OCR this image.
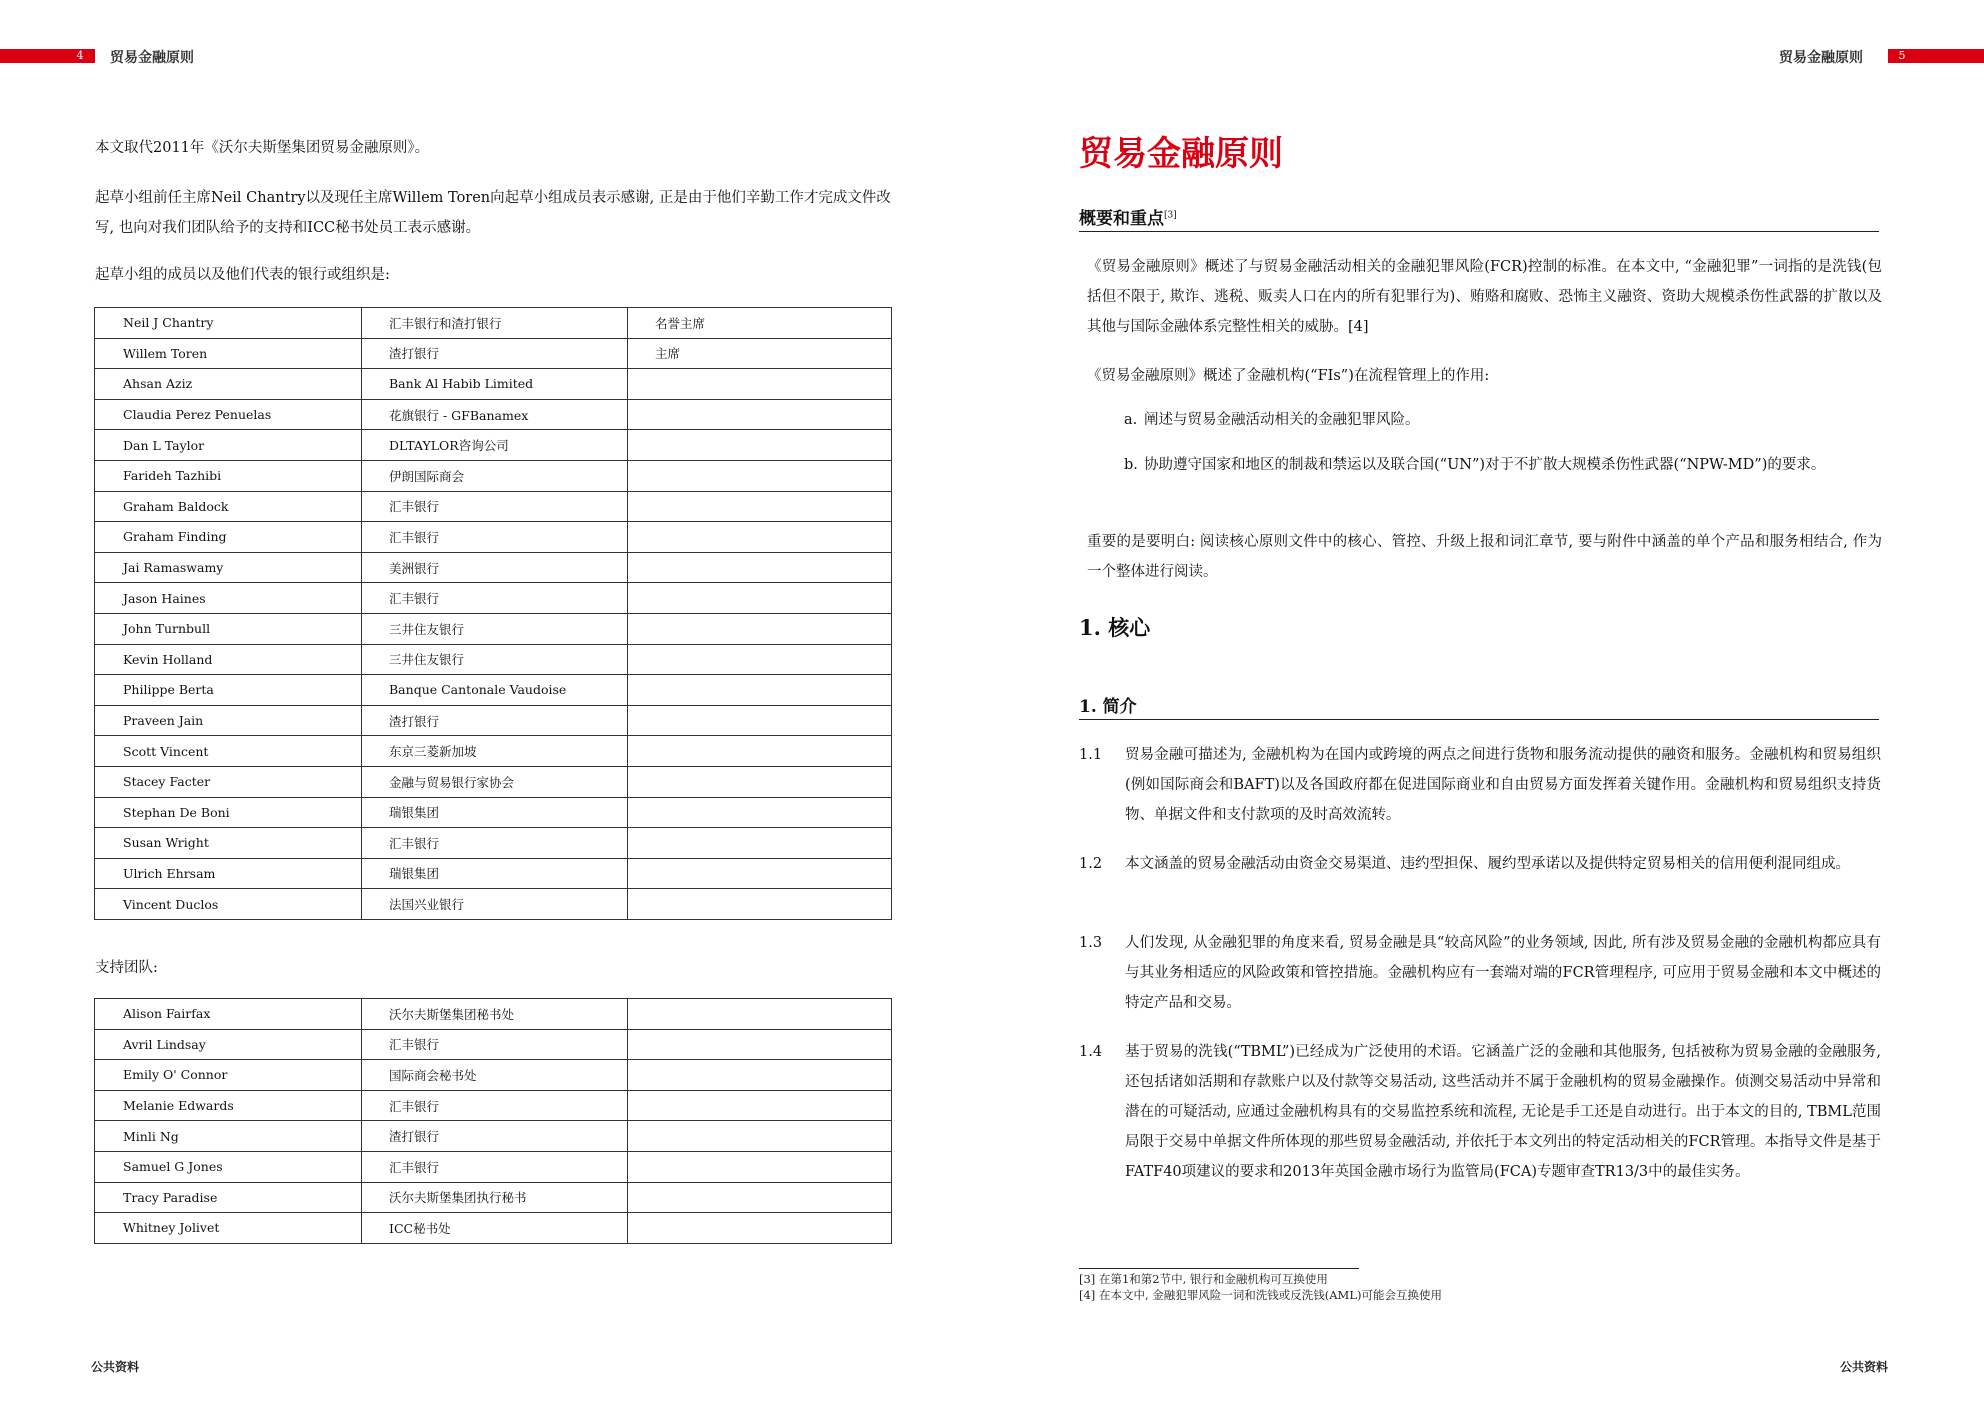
4	贸易金融原则

本文取代2011年《沃尔夫斯堡集团贸易金融原则》。

起草小组前任主席Neil Chantry以及现任主席Willem Toren向起草小组成员表示感谢, 正是由于他们辛勤工作才完成文件改写, 也向对我们团队给予的支持和ICC秘书处员工表示感谢。

起草小组的成员以及他们代表的银行或组织是:

Neil J Chantry	汇丰银行和渣打银行	名誉主席
Willem Toren	渣打银行	主席
Ahsan Aziz	Bank Al Habib Limited	
Claudia Perez Penuelas	花旗银行 - GFBanamex	
Dan L Taylor	DLTAYLOR咨询公司	
Farideh Tazhibi	伊朗国际商会	
Graham Baldock	汇丰银行	
Graham Finding	汇丰银行	
Jai Ramaswamy	美洲银行	
Jason Haines	汇丰银行	
John Turnbull	三井住友银行	
Kevin Holland	三井住友银行	
Philippe Berta	Banque Cantonale Vaudoise	
Praveen Jain	渣打银行	
Scott Vincent	东京三菱新加坡	
Stacey Facter	金融与贸易银行家协会	
Stephan De Boni	瑞银集团	
Susan Wright	汇丰银行	
Ulrich Ehrsam	瑞银集团	
Vincent Duclos	法国兴业银行	

支持团队:

Alison Fairfax	沃尔夫斯堡集团秘书处	
Avril Lindsay	汇丰银行	
Emily O' Connor	国际商会秘书处	
Melanie Edwards	汇丰银行	
Minli Ng	渣打银行	
Samuel G Jones	汇丰银行	
Tracy Paradise	沃尔夫斯堡集团执行秘书	
Whitney Jolivet	ICC秘书处	
公共资料
贸易金融原则	5
贸易金融原则
概要和重点[3]

《贸易金融原则》概述了与贸易金融活动相关的金融犯罪风险(FCR)控制的标准。在本文中, “金融犯罪”一词指的是洗钱(包括但不限于, 欺诈、逃税、贩卖人口在内的所有犯罪行为)、贿赂和腐败、恐怖主义融资、资助大规模杀伤性武器的扩散以及其他与国际金融体系完整性相关的威胁。[4]

《贸易金融原则》概述了金融机构(“FIs”)在流程管理上的作用:

a. 阐述与贸易金融活动相关的金融犯罪风险。

b. 协助遵守国家和地区的制裁和禁运以及联合国(“UN”)对于不扩散大规模杀伤性武器(“NPW-MD”)的要求。

重要的是要明白: 阅读核心原则文件中的核心、管控、升级上报和词汇章节, 要与附件中涵盖的单个产品和服务相结合, 作为一个整体进行阅读。

1. 核心
1. 简介
1.1 贸易金融可描述为, 金融机构为在国内或跨境的两点之间进行货物和服务流动提供的融资和服务。金融机构和贸易组织(例如国际商会和BAFT)以及各国政府都在促进国际商业和自由贸易方面发挥着关键作用。金融机构和贸易组织支持货物、单据文件和支付款项的及时高效流转。

1.2 本文涵盖的贸易金融活动由资金交易渠道、违约型担保、履约型承诺以及提供特定贸易相关的信用便利混同组成。

1.3 人们发现, 从金融犯罪的角度来看, 贸易金融是具“较高风险”的业务领域, 因此, 所有涉及贸易金融的金融机构都应具有与其业务相适应的风险政策和管控措施。金融机构应有一套端对端的FCR管理程序, 可应用于贸易金融和本文中概述的特定产品和交易。

1.4 基于贸易的洗钱(“TBML”)已经成为广泛使用的术语。它涵盖广泛的金融和其他服务, 包括被称为贸易金融的金融服务, 还包括诸如活期和存款账户以及付款等交易活动, 这些活动并不属于金融机构的贸易金融操作。侦测交易活动中异常和潜在的可疑活动, 应通过金融机构具有的交易监控系统和流程, 无论是手工还是自动进行。出于本文的目的, TBML范围局限于交易中单据文件所体现的那些贸易金融活动, 并依托于本文列出的特定活动相关的FCR管理。本指导文件是基于FATF40项建议的要求和2013年英国金融市场行为监管局(FCA)专题审查TR13/3中的最佳实务。

[3] 在第1和第2节中, 银行和金融机构可互换使用
[4] 在本文中, 金融犯罪风险一词和洗钱或反洗钱(AML)可能会互换使用
公共资料
